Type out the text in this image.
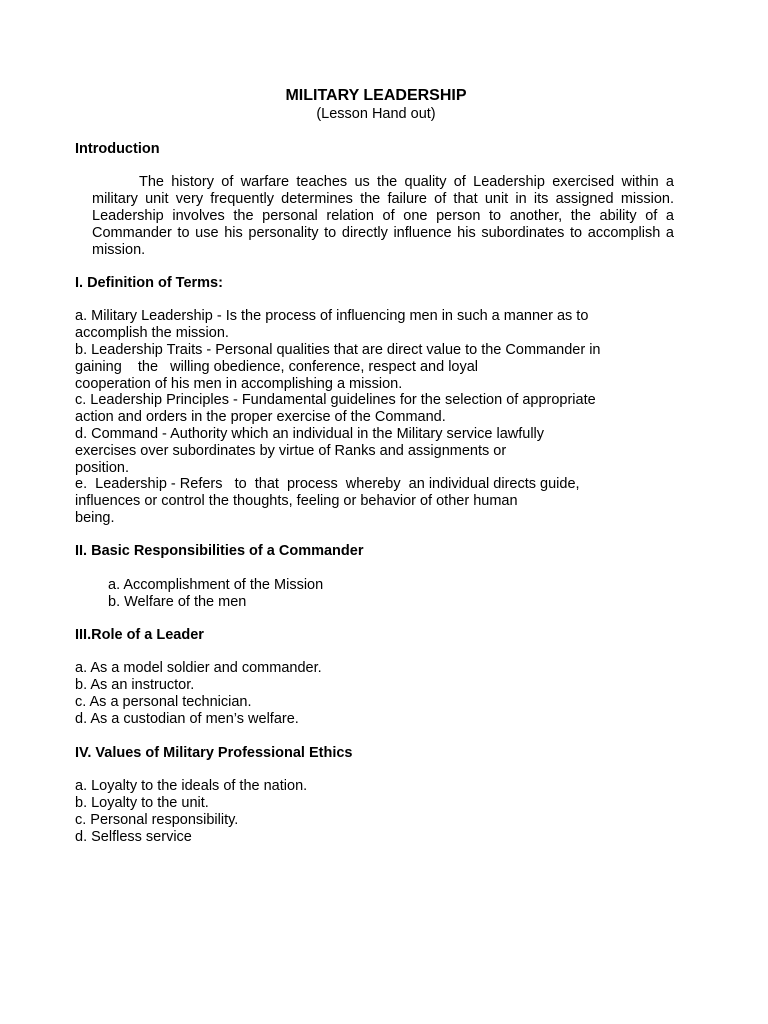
MILITARY LEADERSHIP
(Lesson Hand out)
Introduction
The history of warfare teaches us the quality of Leadership exercised within a military unit very frequently determines the failure of that unit in its assigned mission. Leadership involves the personal relation of one person to another, the ability of a Commander to use his personality to directly influence his subordinates to accomplish a mission.
I. Definition of Terms:
a. Military Leadership - Is the process of influencing men in such a manner as to
accomplish the mission.
b. Leadership Traits - Personal qualities that are direct value to the Commander in
gaining    the   willing obedience, conference, respect and loyal
cooperation of his men in accomplishing a mission.
c. Leadership Principles - Fundamental guidelines for the selection of appropriate
action and orders in the proper exercise of the Command.
d. Command - Authority which an individual in the Military service lawfully
exercises over subordinates by virtue of Ranks and assignments or
position.
e.  Leadership - Refers   to  that  process  whereby  an individual directs guide,
influences or control the thoughts, feeling or behavior of other human
being.
II. Basic Responsibilities of a Commander
a. Accomplishment of the Mission
b. Welfare of the men
III.Role of a Leader
a. As a model soldier and commander.
b. As an instructor.
c. As a personal technician.
d. As a custodian of men’s welfare.
IV. Values of Military Professional Ethics
a. Loyalty to the ideals of the nation.
b. Loyalty to the unit.
c. Personal responsibility.
d. Selfless service
